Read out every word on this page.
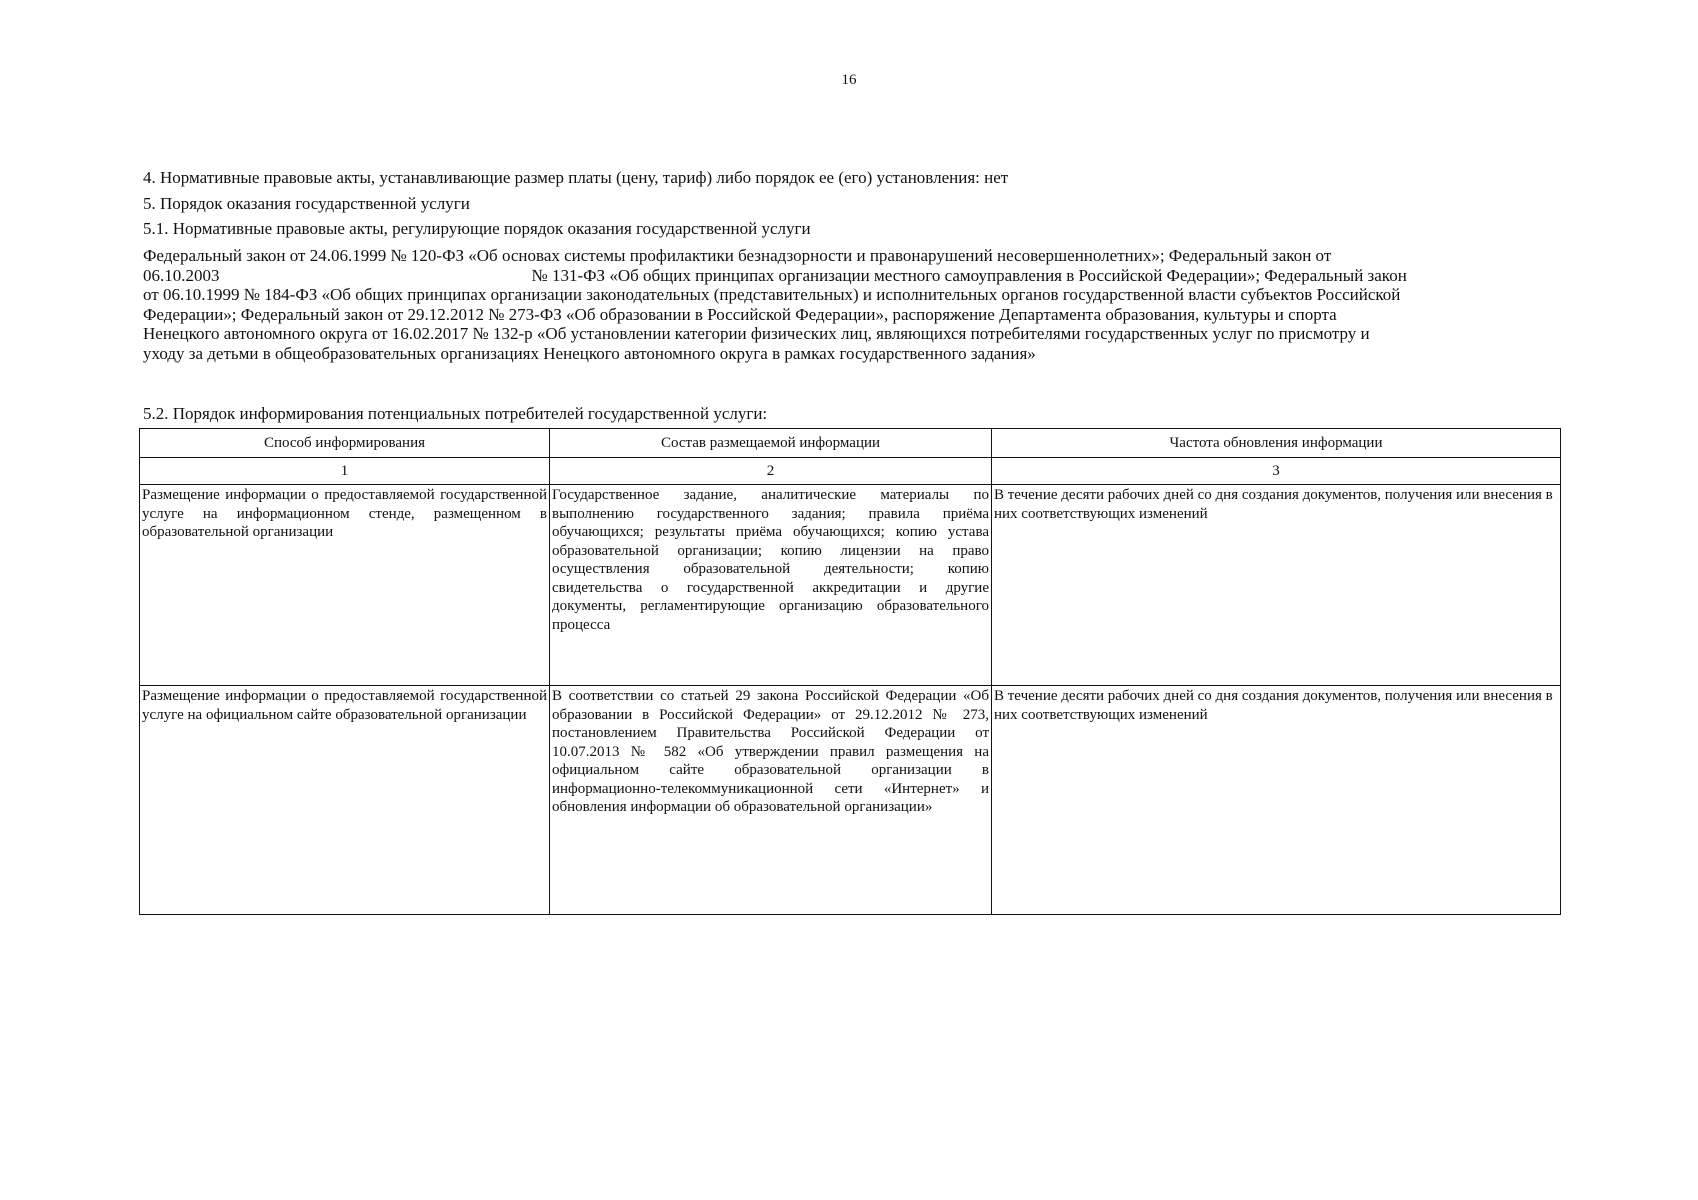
16
4. Нормативные правовые акты, устанавливающие размер платы (цену, тариф) либо порядок ее (его) установления: нет
5. Порядок оказания государственной услуги
5.1. Нормативные правовые акты, регулирующие порядок оказания государственной услуги
Федеральный закон от 24.06.1999 № 120-ФЗ «Об основах системы профилактики безнадзорности и правонарушений несовершеннолетних»; Федеральный закон от
06.10.2003	№ 131-ФЗ «Об общих принципах организации местного самоуправления в Российской Федерации»; Федеральный закон
от 06.10.1999 № 184-ФЗ «Об общих принципах организации законодательных (представительных) и исполнительных органов государственной власти субъектов Российской
Федерации»; Федеральный закон от 29.12.2012 № 273-ФЗ «Об образовании в Российской Федерации», распоряжение Департамента образования, культуры и спорта
Ненецкого автономного округа от 16.02.2017 № 132-р «Об установлении категории физических лиц, являющихся потребителями государственных услуг по присмотру и
уходу за детьми в общеобразовательных организациях Ненецкого автономного округа в рамках государственного задания»
5.2. Порядок информирования потенциальных потребителей государственной услуги:
Способ информирования	Состав размещаемой информации	Частота обновления информации
1	2	3
Размещение информации о предоставляемой государственной услуге на информационном стенде, размещенном в образовательной организации	Государственное задание, аналитические материалы по выполнению государственного задания; правила приёма обучающихся; результаты приёма обучающихся; копию устава образовательной организации; копию лицензии на право осуществления образовательной деятельности; копию свидетельства о государственной аккредитации и другие документы, регламентирующие организацию образовательного процесса	В течение десяти рабочих дней со дня создания документов, получения или внесения в них соответствующих изменений
Размещение информации о предоставляемой государственной услуге на официальном сайте образовательной организации	В соответствии со статьей 29 закона Российской Федерации «Об образовании в Российской Федерации» от 29.12.2012 № 273, постановлением Правительства Российской Федерации от 10.07.2013 № 582 «Об утверждении правил размещения на официальном сайте образовательной организации в информационно-телекоммуникационной сети «Интернет» и обновления информации об образовательной организации»	В течение десяти рабочих дней со дня создания документов, получения или внесения в них соответствующих изменений
